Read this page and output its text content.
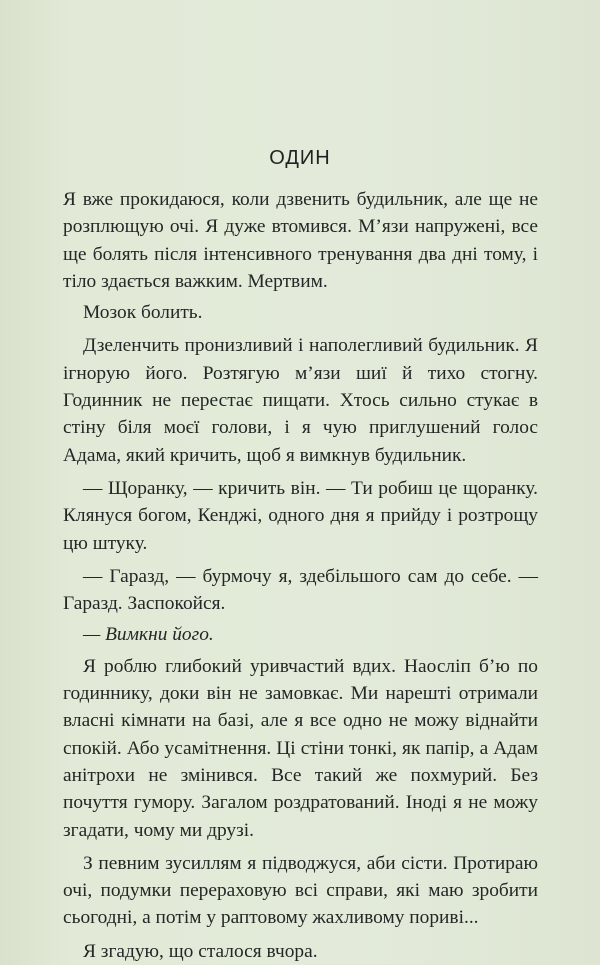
ОДИН

Я вже прокидаюся, коли дзвенить будильник, але ще не розплющую очі. Я дуже втомився. М’язи напружені, все ще болять після інтенсивного тренування два дні тому, і тіло здається важким. Мертвим.

Мозок болить.

Дзеленчить пронизливий і наполегливий будильник. Я ігнорую його. Розтягую м’язи шиї й тихо стогну. Годинник не перестає пищати. Хтось сильно стукає в стіну біля моєї голови, і я чую приглушений голос Адама, який кричить, щоб я вимкнув будильник.

— Щоранку, — кричить він. — Ти робиш це щоранку. Клянуся богом, Кенджі, одного дня я прийду і розтрощу цю штуку.

— Гаразд, — бурмочу я, здебільшого сам до себе. — Гаразд. Заспокойся.

— Вимкни його.

Я роблю глибокий уривчастий вдих. Наосліп б’ю по годиннику, доки він не замовкає. Ми нарешті отримали власні кімнати на базі, але я все одно не можу віднайти спокій. Або усамітнення. Ці стіни тонкі, як папір, а Адам анітрохи не змінився. Все такий же похмурий. Без почуття гумору. Загалом роздратований. Іноді я не можу згадати, чому ми друзі.

З певним зусиллям я підводжуся, аби сісти. Протираю очі, подумки перераховую всі справи, які маю зробити сьогодні, а потім у раптовому жахливому пориві...

Я згадую, що сталося вчора.
